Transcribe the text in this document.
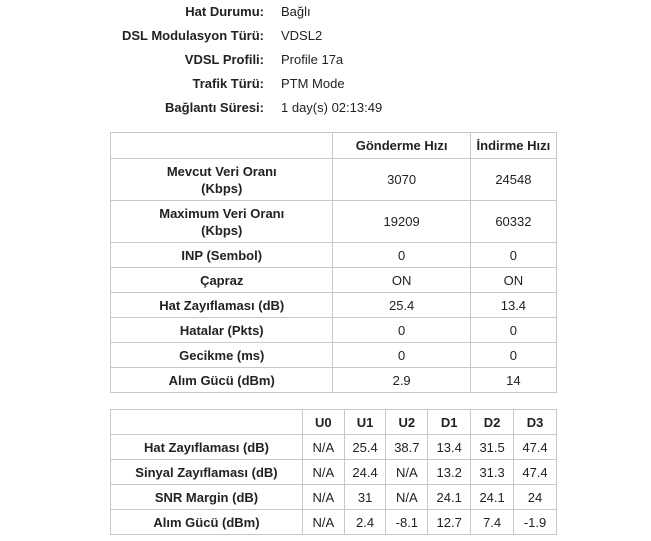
Hat Durumu: Bağlı
DSL Modulasyon Türü: VDSL2
VDSL Profili: Profile 17a
Trafik Türü: PTM Mode
Bağlantı Süresi: 1 day(s) 02:13:49
	Gönderme Hızı	İndirme Hızı
Mevcut Veri Oranı
(Kbps)	3070	24548
Maximum Veri Oranı
(Kbps)	19209	60332
INP (Sembol)	0	0
Çapraz	ON	ON
Hat Zayıflaması (dB)	25.4	13.4
Hatalar (Pkts)	0	0
Gecikme (ms)	0	0
Alım Gücü (dBm)	2.9	14
	U0	U1	U2	D1	D2	D3
Hat Zayıflaması (dB)	N/A	25.4	38.7	13.4	31.5	47.4
Sinyal Zayıflaması (dB)	N/A	24.4	N/A	13.2	31.3	47.4
SNR Margin (dB)	N/A	31	N/A	24.1	24.1	24
Alım Gücü (dBm)	N/A	2.4	-8.1	12.7	7.4	-1.9
